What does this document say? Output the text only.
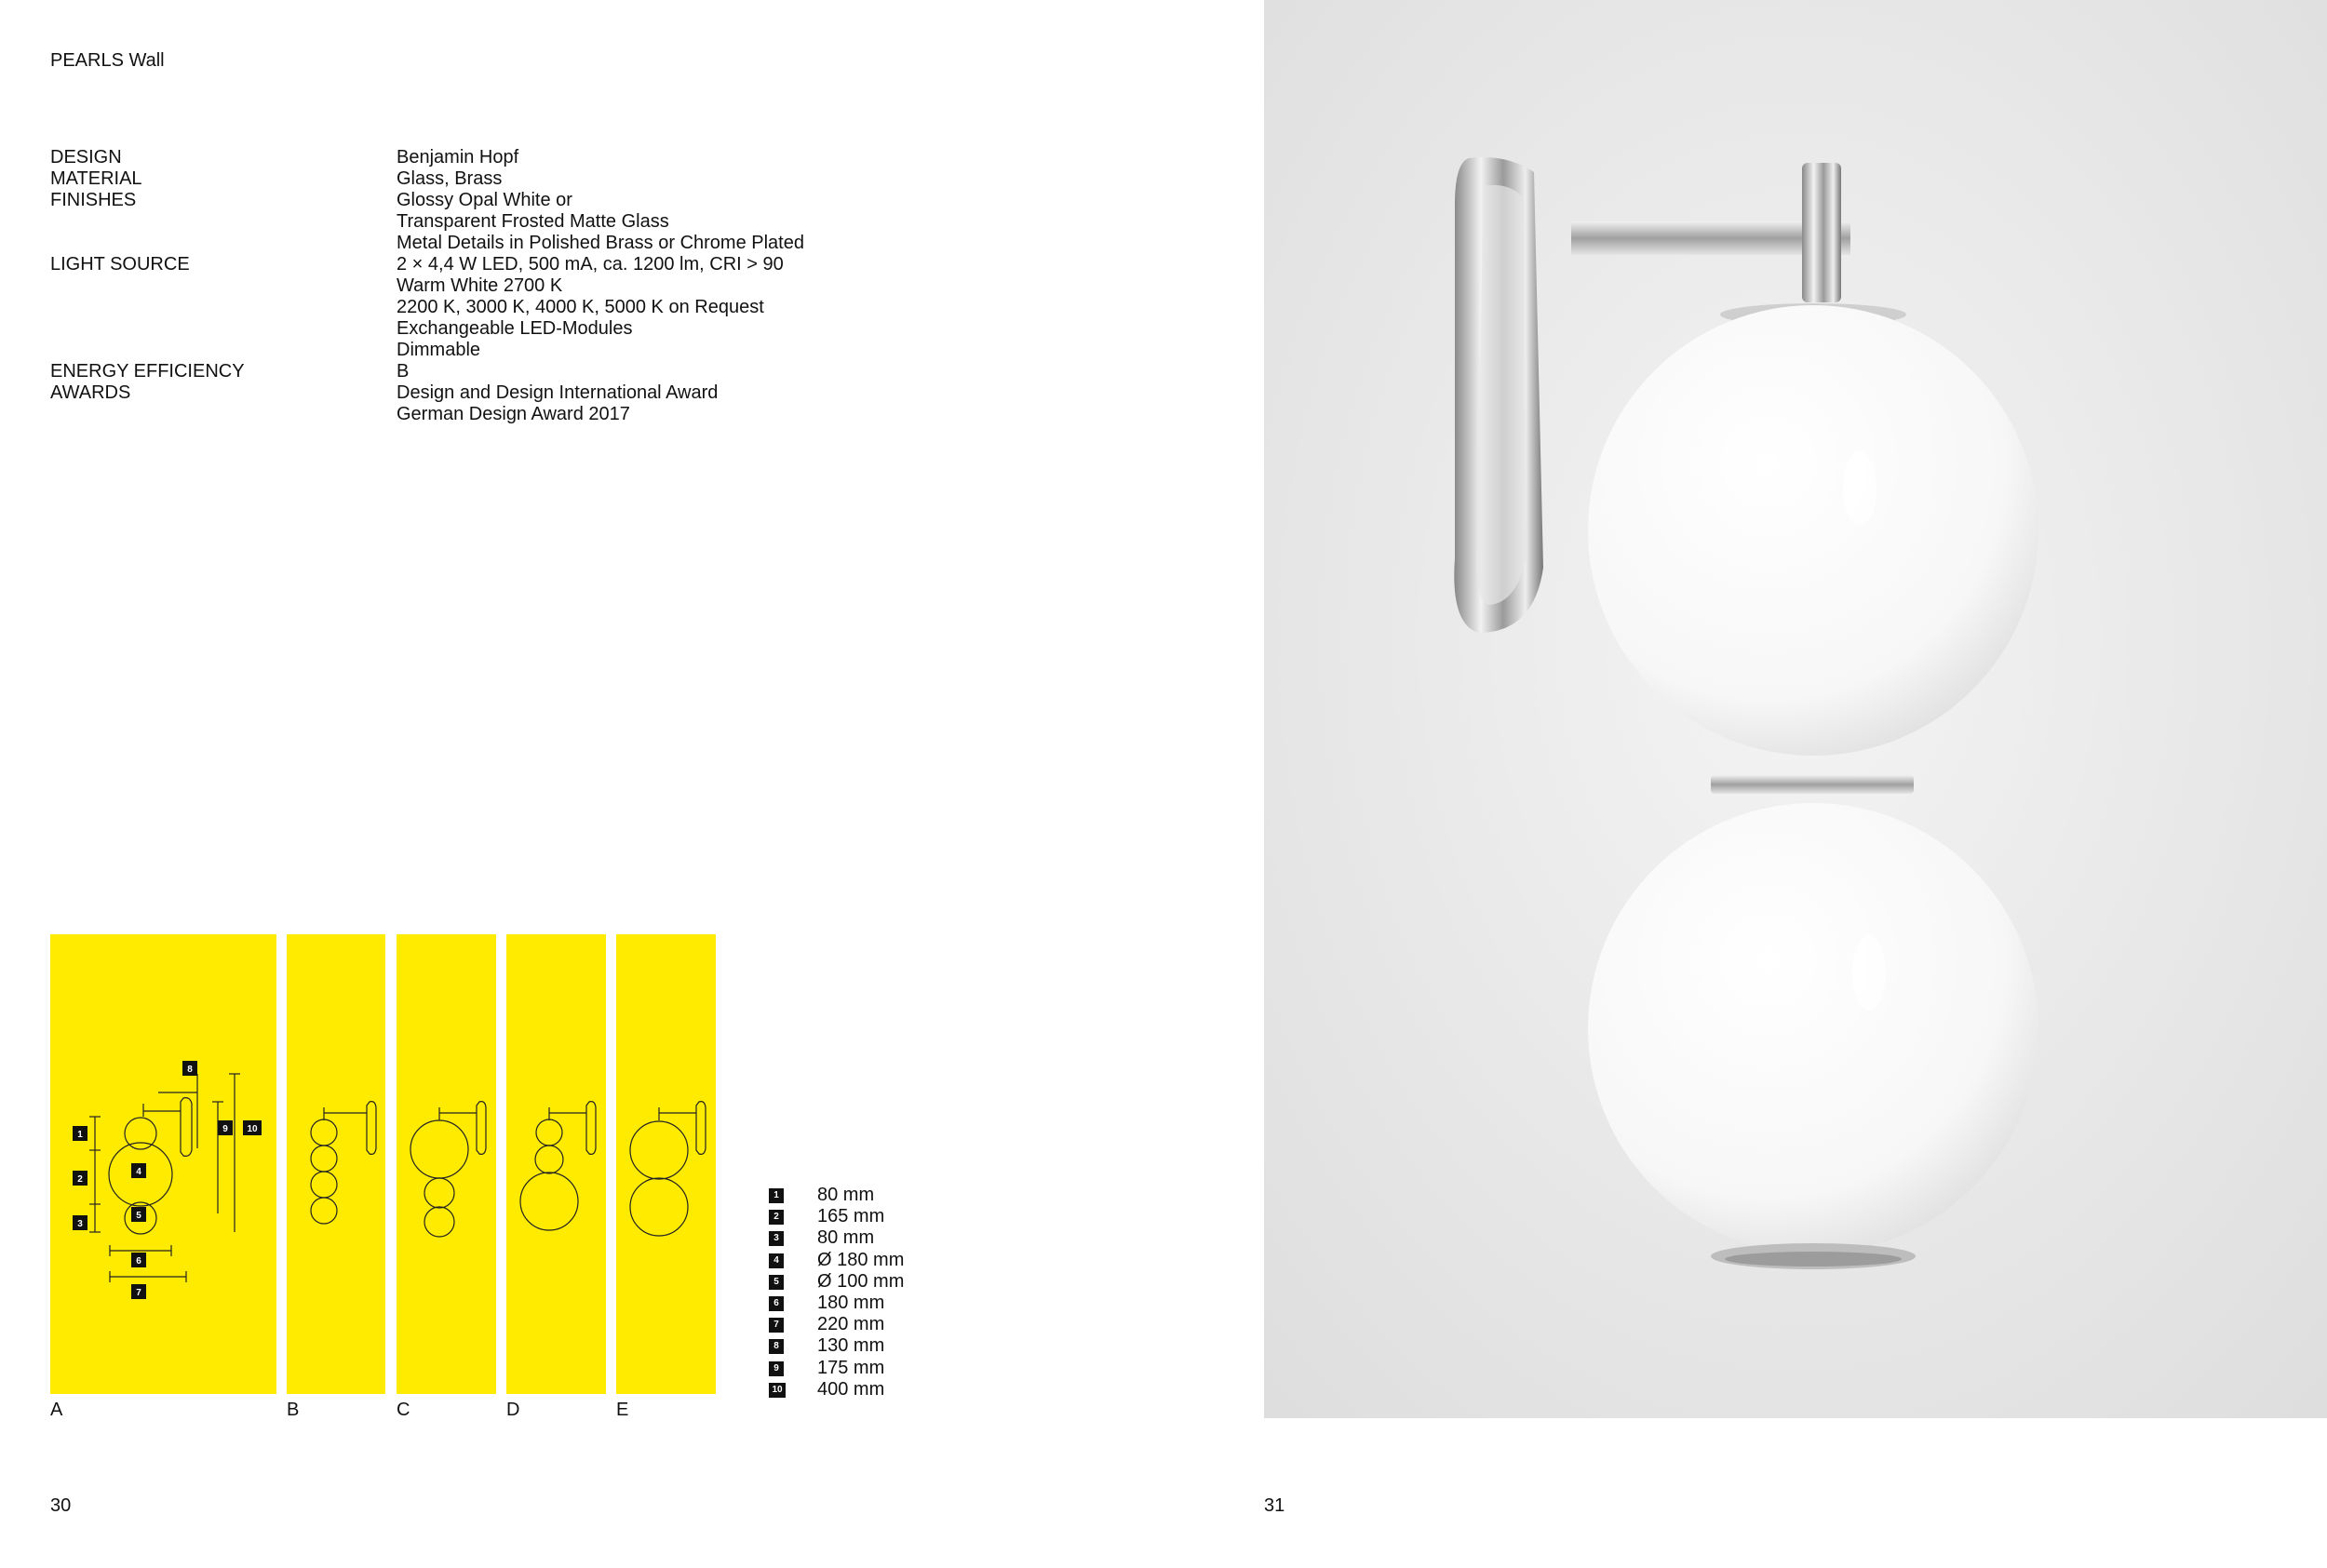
PEARLS Wall
DESIGN	Benjamin Hopf
MATERIAL	Glass, Brass
FINISHES	Glossy Opal White or
Transparent Frosted Matte Glass
Metal Details in Polished Brass or Chrome Plated
LIGHT SOURCE	2 × 4,4 W LED, 500 mA, ca. 1200 lm, CRI > 90
Warm White 2700 K
2200 K, 3000 K, 4000 K, 5000 K on Request
Exchangeable LED-Modules
Dimmable
ENERGY EFFICIENCY	B
AWARDS	Design and Design International Award
German Design Award 2017
8
1
2
3
4
5
6
7
9 10
A	B	C	D	E
1 80 mm
2 165 mm
3 80 mm
4 Ø 180 mm
5 Ø 100 mm
6 180 mm
7 220 mm
8 130 mm
9 175 mm
10 400 mm
30	31
